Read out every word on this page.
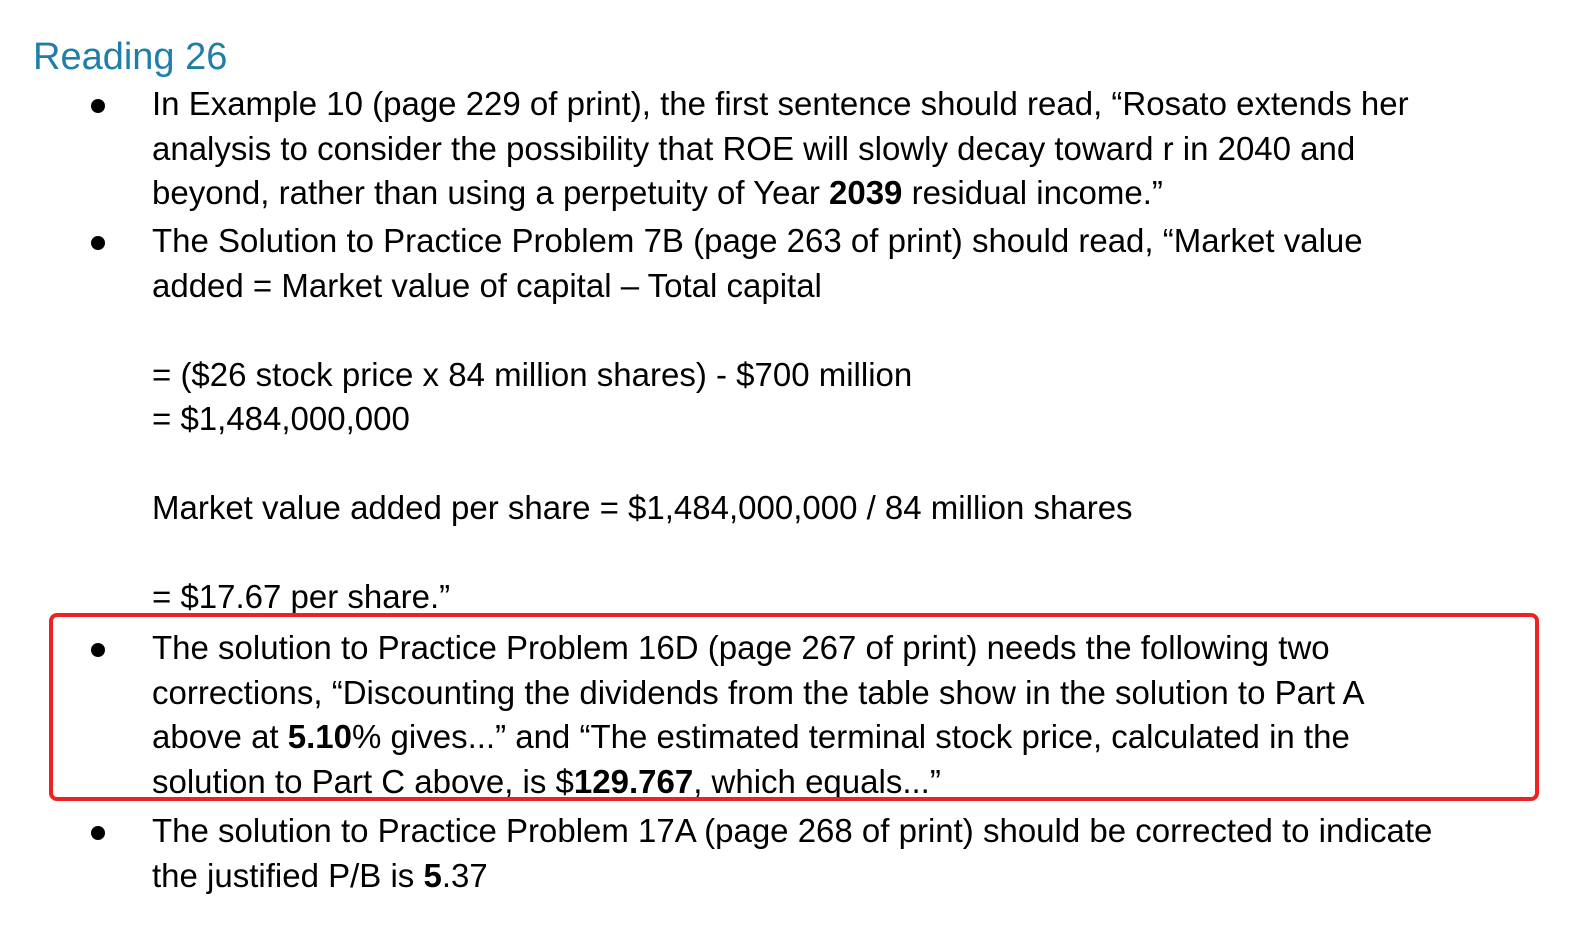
Reading 26
In Example 10 (page 229 of print), the first sentence should read, “Rosato extends her
analysis to consider the possibility that ROE will slowly decay toward r in 2040 and
beyond, rather than using a perpetuity of Year 2039 residual income.”
The Solution to Practice Problem 7B (page 263 of print) should read, “Market value
added = Market value of capital – Total capital
= ($26 stock price x 84 million shares) - $700 million
= $1,484,000,000
Market value added per share = $1,484,000,000 / 84 million shares
= $17.67 per share.”
The solution to Practice Problem 16D (page 267 of print) needs the following two
corrections, “Discounting the dividends from the table show in the solution to Part A
above at 5.10% gives...” and “The estimated terminal stock price, calculated in the
solution to Part C above, is $129.767, which equals...”
The solution to Practice Problem 17A (page 268 of print) should be corrected to indicate
the justified P/B is 5.37
